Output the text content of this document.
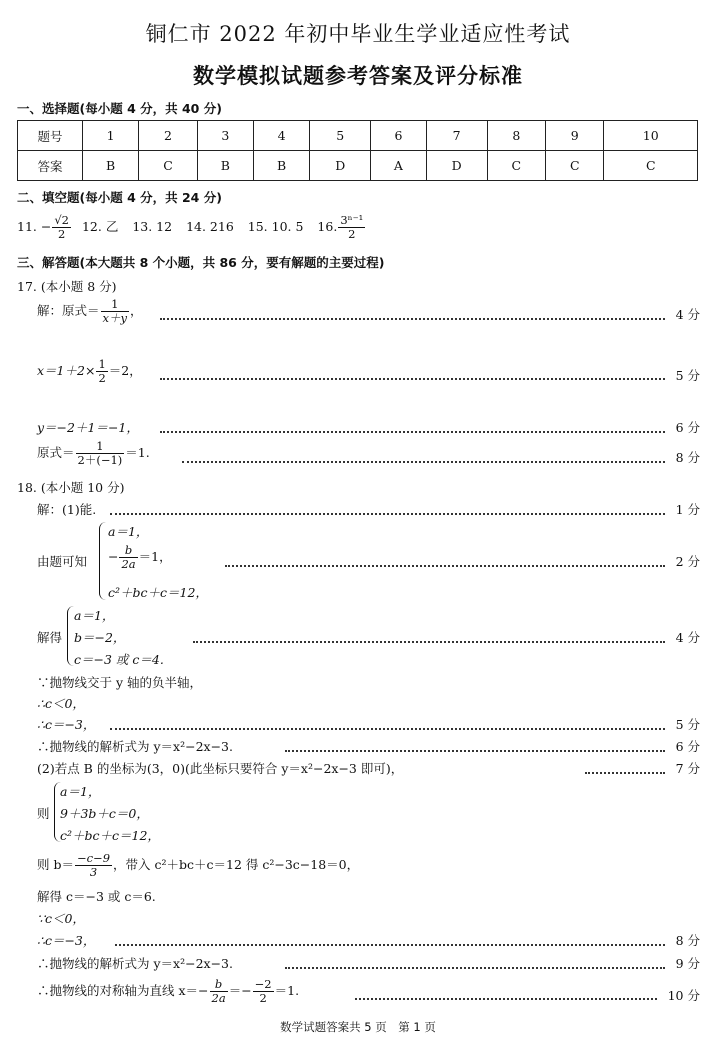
铜仁市 2022 年初中毕业生学业适应性考试
数学模拟试题参考答案及评分标准
一、选择题(每小题 4 分，共 40 分)
题号	1	2	3	4	5	6	7	8	9	10
答案	B	C	B	B	D	A	D	C	C	C
二、填空题(每小题 4 分，共 24 分)
11. − $\frac{√2}{2} 12$. 乙 13. 12 14. 216 15. 10. 5 16. $\frac{\text{3ⁿ⁻¹}}{2}$
三、解答题(本大题共 8 个小题，共 86 分，要有解题的主要过程)
17. (本小题 8 分)
解：原式＝ $\frac{1}{x+y}$ ，	4 分
$x=1+2\times \frac{1}{2} =2$，	5 分
y＝−2＋1＝−1，	6 分
原式＝ $\frac{1}{2+(-1)} =1$.	8 分
18. (本小题 10 分)
解：(1)能.	1 分
由题可知
a＝1，
− $\frac{b}{2a} =1$，
c²＋bc＋c＝12，
2 分
解得
a＝1，
b＝−2，
c＝−3 或 c＝4.
4 分
∵抛物线交于 y 轴的负半轴，
∴c＜0，
∴c＝−3，	5 分
∴抛物线的解析式为 y＝x²−2x−3.	6 分
(2)若点 B 的坐标为(3，0)(此坐标只要符合 y＝x²−2x−3 即可)，	7 分
则
a＝1，
9＋3b＋c＝0，
c²＋bc＋c＝12，
则 $b= \frac{-c-9}{3}$ ，带入 c²＋bc＋c＝12 得 c²−3c−18＝0，
解得 c＝−3 或 c＝6.
∵c＜0，
∴c＝−3，	8 分
∴抛物线的解析式为 y＝x²−2x−3.	9 分
∴抛物线的对称轴为直线 $x=- \frac{b}{2a} =- \frac{-2}{2} =1$.	10 分
数学试题答案共 5 页　第 1 页
